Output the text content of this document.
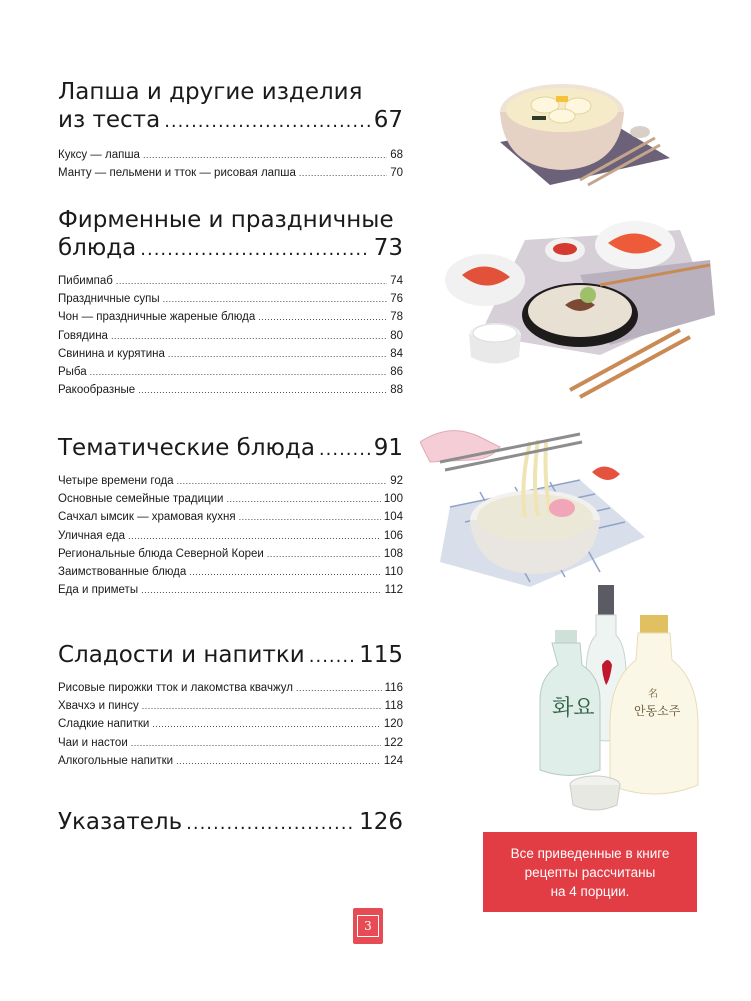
Лапша и другие изделия
из теста .....	67
Куксу — лапша .....	68
Манту — пельмени и тток — рисовая лапша .....	70
Фирменные и праздничные
блюда .....	73
Пибимпаб .....	74
Праздничные супы .....	76
Чон — праздничные жареные блюда .....	78
Говядина .....	80
Свинина и курятина .....	84
Рыба .....	86
Ракообразные .....	88
Тематические блюда .....	91
Четыре времени года .....	92
Основные семейные традиции .....	100
Сачхал ымсик — храмовая кухня .....	104
Уличная еда .....	106
Региональные блюда Северной Кореи .....	108
Заимствованные блюда .....	110
Еда и приметы .....	112
Сладости и напитки ..... 115
Рисовые пирожки тток и лакомства квачжул .....	116
Хвачхэ и пинсу .....	118
Сладкие напитки .....	120
Чаи и настои .....	122
Алкогольные напитки .....	124
Указатель .....	126
화요
名
안동소주
Все приведенные в книге
рецепты рассчитаны
на 4 порции.
3
